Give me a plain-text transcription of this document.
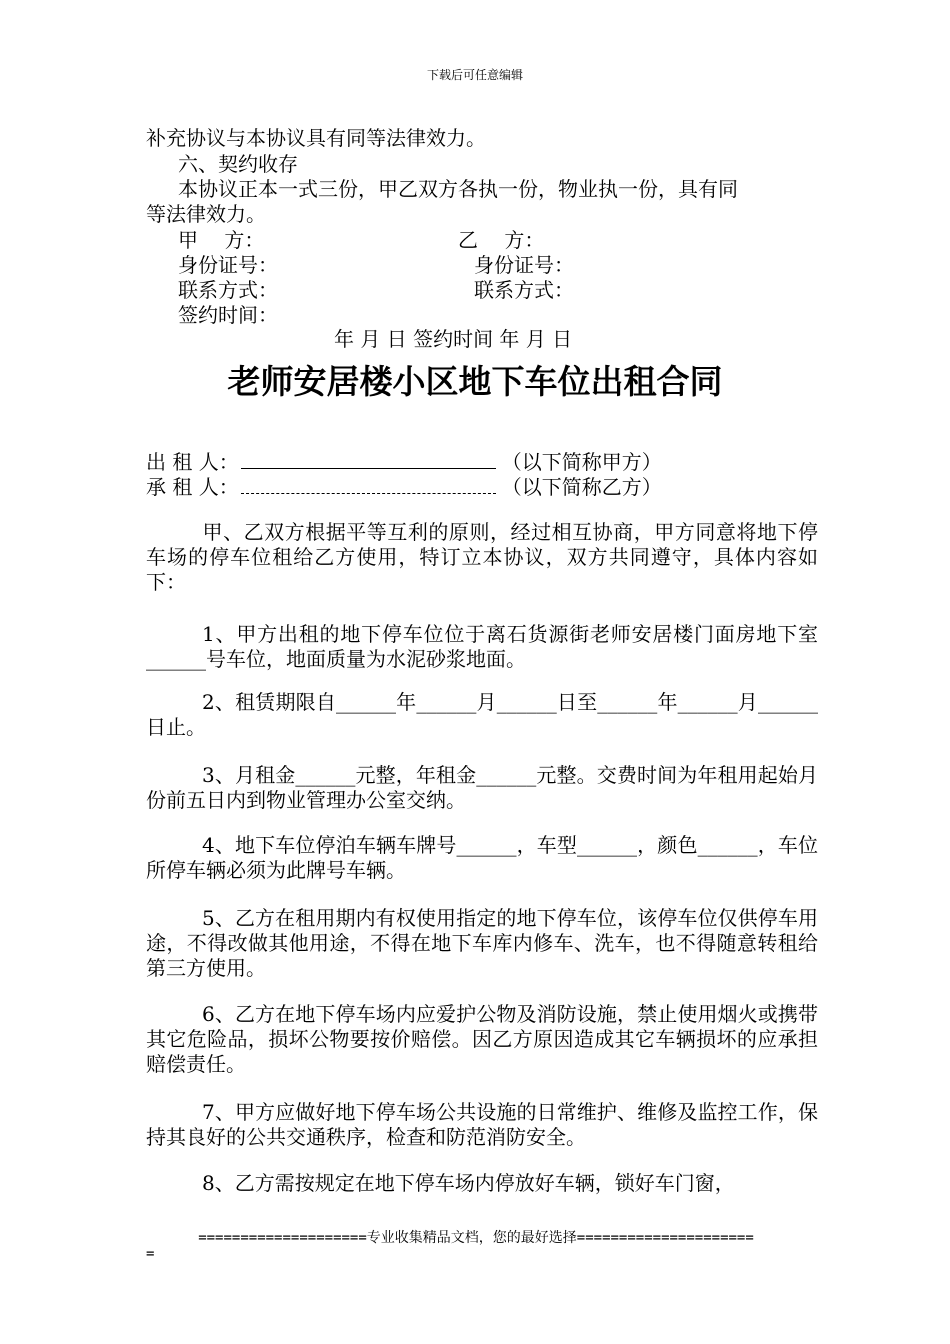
下载后可任意编辑
补充协议与本协议具有同等法律效力。
六、契约收存
本协议正本一式三份，甲乙双方各执一份，物业执一份，具有同
等法律效力。
甲　 方：	乙　 方：
身份证号：	身份证号：
联系方式：	联系方式：
签约时间：
年 月 日 签约时间 年 月 日
老师安居楼小区地下车位出租合同
出 租 人：	（以下简称甲方）
承 租 人：	（以下简称乙方）
甲、乙双方根据平等互利的原则，经过相互协商，甲方同意将地下停车场的停车位租给乙方使用，特订立本协议，双方共同遵守，具体内容如下：
1、甲方出租的地下停车位位于离石货源街老师安居楼门面房地下室______号车位，地面质量为水泥砂浆地面。
2、租赁期限自______年______月______日至______年______月______日止。
3、月租金______元整，年租金______元整。交费时间为年租用起始月份前五日内到物业管理办公室交纳。
4、地下车位停泊车辆车牌号______，车型______，颜色______，车位所停车辆必须为此牌号车辆。
5、乙方在租用期内有权使用指定的地下停车位，该停车位仅供停车用途，不得改做其他用途，不得在地下车库内修车、洗车，也不得随意转租给第三方使用。
6、乙方在地下停车场内应爱护公物及消防设施，禁止使用烟火或携带其它危险品，损坏公物要按价赔偿。因乙方原因造成其它车辆损坏的应承担赔偿责任。
7、甲方应做好地下停车场公共设施的日常维护、维修及监控工作，保持其良好的公共交通秩序，检查和防范消防安全。
8、乙方需按规定在地下停车场内停放好车辆，锁好车门窗，
====================专业收集精品文档，您的最好选择=====================
=
